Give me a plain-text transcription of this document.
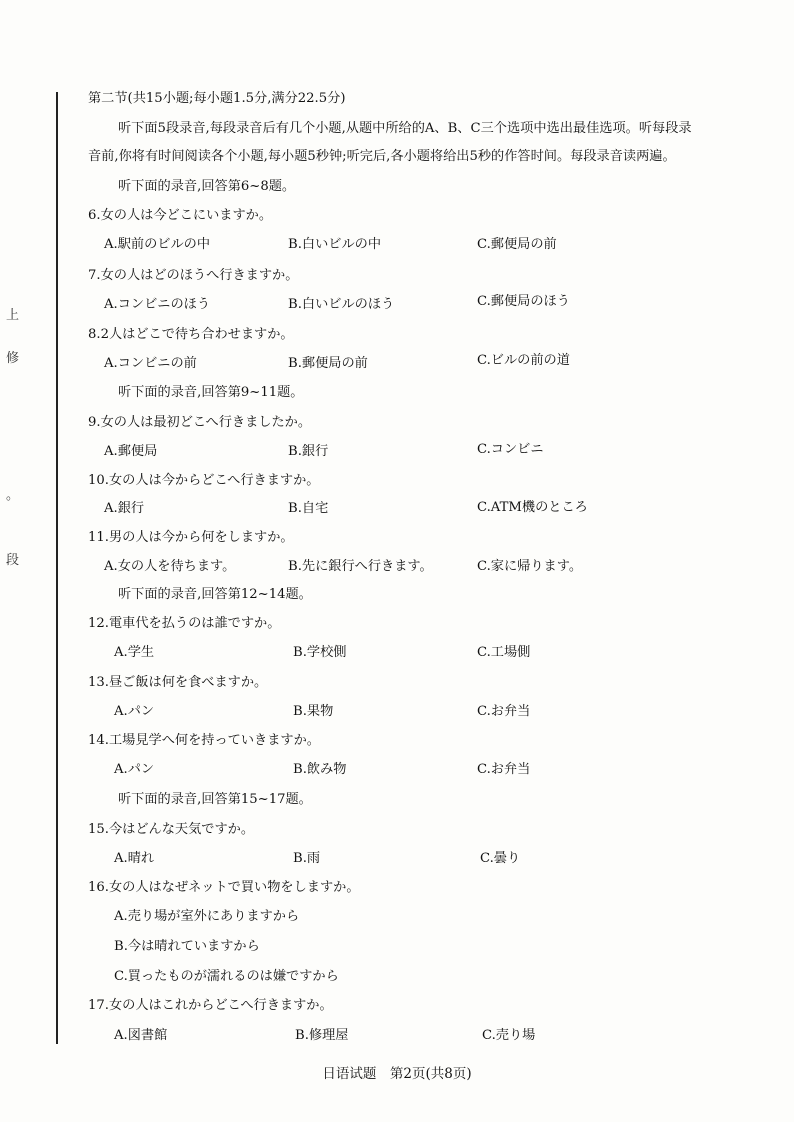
上
修
。
段
第二节(共15小题;每小题1.5分,满分22.5分)
听下面5段录音,每段录音后有几个小题,从题中所给的A、B、C三个选项中选出最佳选项。听每段录
音前,你将有时间阅读各个小题,每小题5秒钟;听完后,各小题将给出5秒的作答时间。每段录音读两遍。
听下面的录音,回答第6~8题。
6.女の人は今どこにいますか。
A.駅前のビルの中	B.白いビルの中	C.郵便局の前
7.女の人はどのほうへ行きますか。
A.コンビニのほう	B.白いビルのほう	C.郵便局のほう
8.2人はどこで待ち合わせますか。
A.コンビニの前	B.郵便局の前	C.ビルの前の道
听下面的录音,回答第9~11题。
9.女の人は最初どこへ行きましたか。
A.郵便局	B.銀行	C.コンビニ
10.女の人は今からどこへ行きますか。
A.銀行	B.自宅	C.ATM機のところ
11.男の人は今から何をしますか。
A.女の人を待ちます。	B.先に銀行へ行きます。	C.家に帰ります。
听下面的录音,回答第12~14题。
12.電車代を払うのは誰ですか。
A.学生	B.学校側	C.工場側
13.昼ご飯は何を食べますか。
A.パン	B.果物	C.お弁当
14.工場見学へ何を持っていきますか。
A.パン	B.飲み物	C.お弁当
听下面的录音,回答第15~17题。
15.今はどんな天気ですか。
A.晴れ	B.雨	C.曇り
16.女の人はなぜネットで買い物をしますか。
A.売り場が室外にありますから
B.今は晴れていますから
C.買ったものが濡れるのは嫌ですから
17.女の人はこれからどこへ行きますか。
A.図書館	B.修理屋	C.売り場
日语试题　第2页(共8页)
